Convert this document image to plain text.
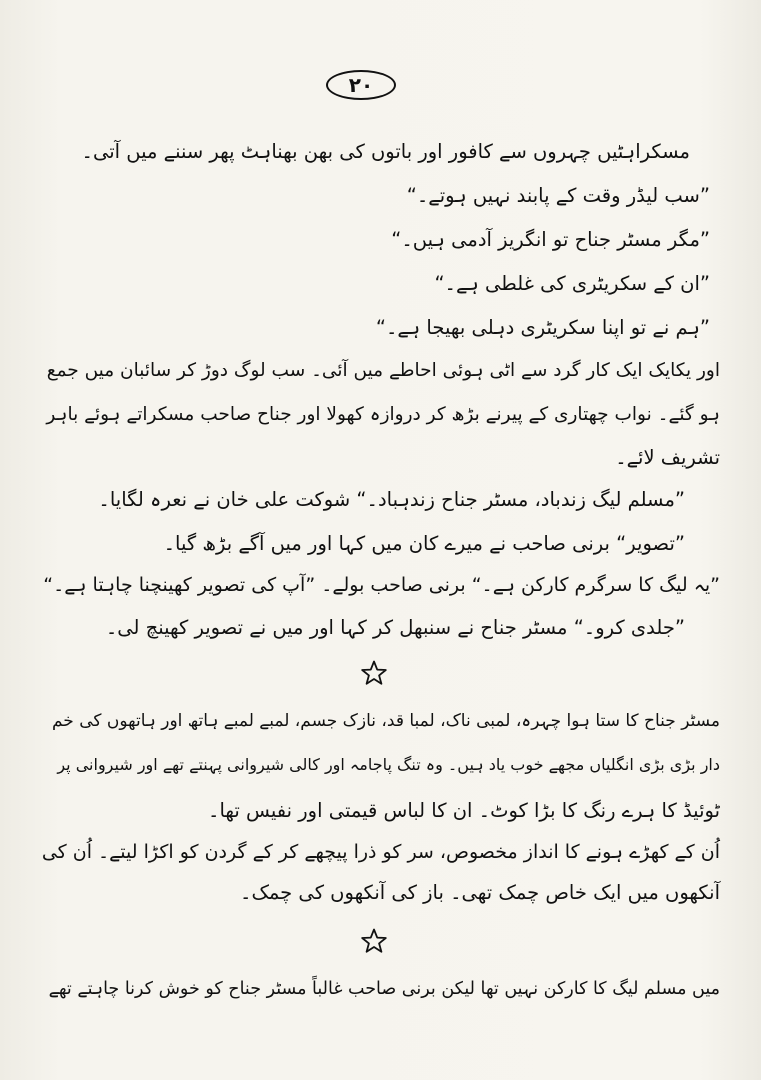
۲۰
مسکراہٹیں چہروں سے کافور اور باتوں کی بھن بھناہٹ پھر سننے میں آتی۔
”سب لیڈر وقت کے پابند نہیں ہوتے۔“
”مگر مسٹر جناح تو انگریز آدمی ہیں۔“
”ان کے سکریٹری کی غلطی ہے۔“
”ہم نے تو اپنا سکریٹری دہلی بھیجا ہے۔“
اور یکایک ایک کار گرد سے اٹی ہوئی احاطے میں آئی۔ سب لوگ دوڑ کر سائبان میں جمع
ہو گئے۔ نواب چھتاری کے پیرنے بڑھ کر دروازہ کھولا اور جناح صاحب مسکراتے ہوئے باہر
تشریف لائے۔
”مسلم لیگ زندباد، مسٹر جناح زندہباد۔“ شوکت علی خان نے نعرہ لگایا۔
”تصویر“ برنی صاحب نے میرے کان میں کہا اور میں آگے بڑھ گیا۔
”یہ لیگ کا سرگرم کارکن ہے۔“ برنی صاحب بولے۔ ”آپ کی تصویر کھینچنا چاہتا ہے۔“
”جلدی کرو۔“ مسٹر جناح نے سنبھل کر کہا اور میں نے تصویر کھینچ لی۔
مسٹر جناح کا ستا ہوا چہرہ، لمبی ناک، لمبا قد، نازک جسم، لمبے لمبے ہاتھ اور ہاتھوں کی خم
دار بڑی بڑی انگلیاں مجھے خوب یاد ہیں۔ وہ تنگ پاجامہ اور کالی شیروانی پہنتے تھے اور شیروانی پر
ٹوئیڈ کا ہرے رنگ کا بڑا کوٹ۔ ان کا لباس قیمتی اور نفیس تھا۔
اُن کے کھڑے ہونے کا انداز مخصوص، سر کو ذرا پیچھے کر کے گردن کو اکڑا لیتے۔ اُن کی
آنکھوں میں ایک خاص چمک تھی۔ باز کی آنکھوں کی چمک۔
میں مسلم لیگ کا کارکن نہیں تھا لیکن برنی صاحب غالباً مسٹر جناح کو خوش کرنا چاہتے تھے
